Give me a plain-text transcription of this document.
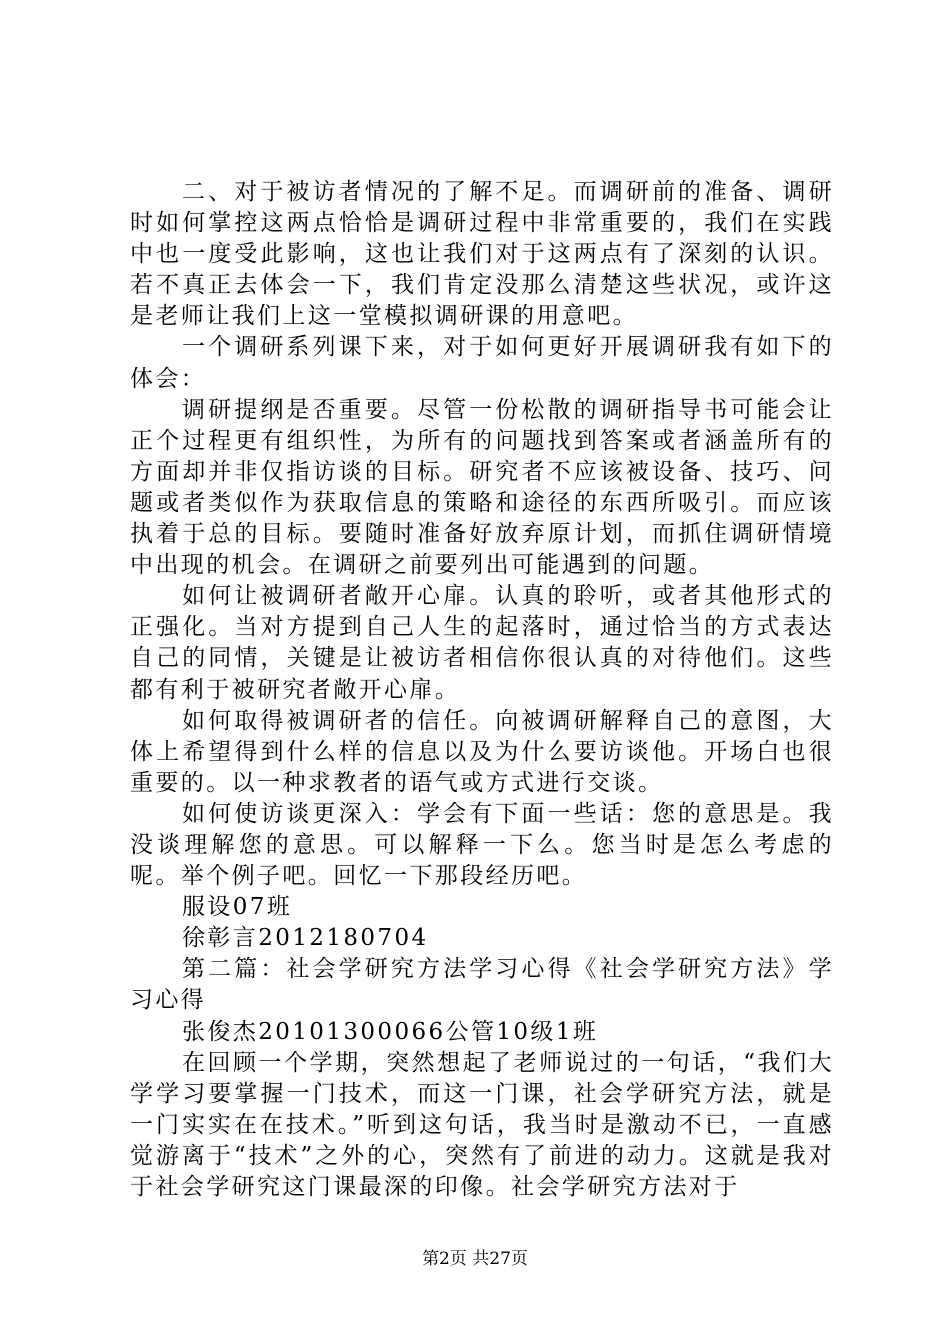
二、对于被访者情况的了解不足。而调研前的准备、调研时如何掌控这两点恰恰是调研过程中非常重要的，我们在实践中也一度受此影响，这也让我们对于这两点有了深刻的认识。若不真正去体会一下，我们肯定没那么清楚这些状况，或许这是老师让我们上这一堂模拟调研课的用意吧。

一个调研系列课下来，对于如何更好开展调研我有如下的体会：

调研提纲是否重要。尽管一份松散的调研指导书可能会让正个过程更有组织性，为所有的问题找到答案或者涵盖所有的方面却并非仅指访谈的目标。研究者不应该被设备、技巧、问题或者类似作为获取信息的策略和途径的东西所吸引。而应该执着于总的目标。要随时准备好放弃原计划，而抓住调研情境中出现的机会。在调研之前要列出可能遇到的问题。

如何让被调研者敞开心扉。认真的聆听，或者其他形式的正强化。当对方提到自己人生的起落时，通过恰当的方式表达自己的同情，关键是让被访者相信你很认真的对待他们。这些都有利于被研究者敞开心扉。

如何取得被调研者的信任。向被调研解释自己的意图，大体上希望得到什么样的信息以及为什么要访谈他。开场白也很重要的。以一种求教者的语气或方式进行交谈。

如何使访谈更深入：学会有下面一些话：您的意思是。我没谈理解您的意思。可以解释一下么。您当时是怎么考虑的呢。举个例子吧。回忆一下那段经历吧。

服设07班

徐彰言2012180704

第二篇：社会学研究方法学习心得《社会学研究方法》学习心得

张俊杰20101300066公管10级1班

在回顾一个学期，突然想起了老师说过的一句话，“我们大学学习要掌握一门技术，而这一门课，社会学研究方法，就是一门实实在在技术。”听到这句话，我当时是激动不已，一直感觉游离于“技术”之外的心，突然有了前进的动力。这就是我对于社会学研究这门课最深的印像。社会学研究方法对于

第2页 共27页
